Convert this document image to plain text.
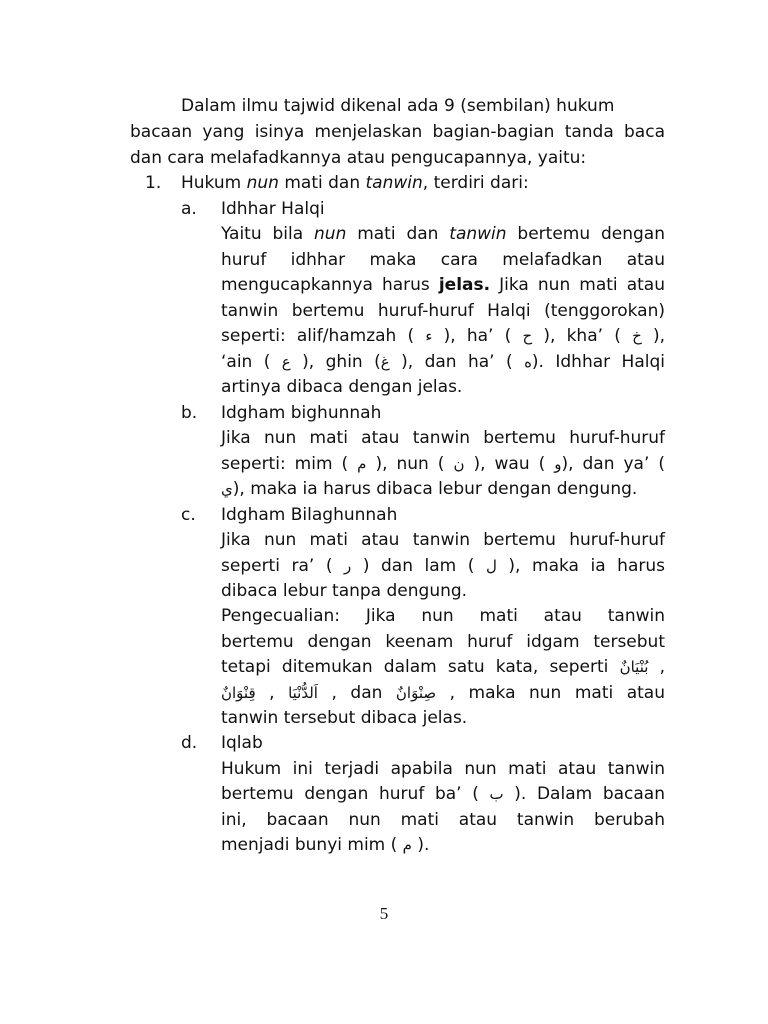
Dalam ilmu tajwid dikenal ada 9 (sembilan) hukum
bacaan yang isinya menjelaskan bagian-bagian tanda baca
dan cara melafadkannya atau pengucapannya, yaitu:
1. Hukum nun mati dan tanwin, terdiri dari:
a. Idhhar Halqi
Yaitu bila nun mati dan tanwin bertemu dengan
huruf idhhar maka cara melafadkan atau
mengucapkannya harus jelas. Jika nun mati atau
tanwin bertemu huruf-huruf Halqi (tenggorokan)
seperti: alif/hamzah ( ء ), ha’ ( ح ), kha’ ( خ ),
‘ain ( ع ), ghin (غ ), dan ha’ ( ه). Idhhar Halqi
artinya dibaca dengan jelas.
b. Idgham bighunnah
Jika nun mati atau tanwin bertemu huruf-huruf
seperti: mim ( م ), nun ( ن ), wau ( و), dan ya’ (
ي), maka ia harus dibaca lebur dengan dengung.
c. Idgham Bilaghunnah
Jika nun mati atau tanwin bertemu huruf-huruf
seperti ra’ ( ر ) dan lam ( ل ), maka ia harus
dibaca lebur tanpa dengung.
Pengecualian: Jika nun mati atau tanwin
bertemu dengan keenam huruf idgam tersebut
tetapi ditemukan dalam satu kata, seperti بُنْيَانٌ ,
اَلدُّنْيَا , قِنْوَانٌ	, dan صِنْوَانٌ , maka nun mati atau
tanwin tersebut dibaca jelas.
d. Iqlab
Hukum ini terjadi apabila nun mati atau tanwin
bertemu dengan huruf ba’ ( ب ). Dalam bacaan
ini, bacaan nun mati atau tanwin berubah
menjadi bunyi mim ( م ).
5
